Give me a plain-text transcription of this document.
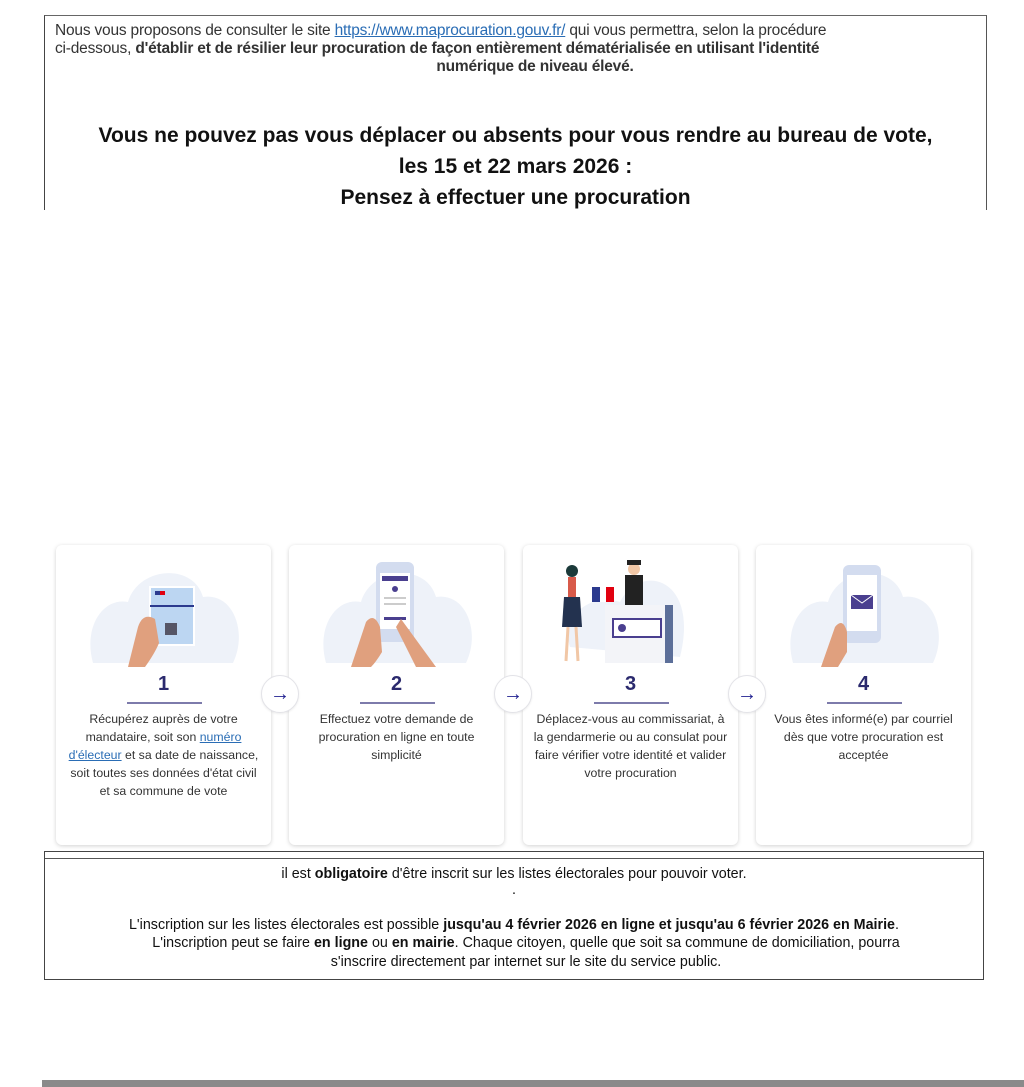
Nous vous proposons de consulter le site https://www.maprocuration.gouv.fr/ qui vous permettra, selon la procédure
ci-dessous, d'établir et de résilier leur procuration de façon entièrement dématérialisée en utilisant l'identité
numérique de niveau élevé.
Vous ne pouvez pas vous déplacer ou absents pour vous rendre au bureau de vote,
les 15 et 22 mars 2026 :
Pensez à effectuer une procuration
1
Récupérez auprès de votre mandataire, soit son numéro d'électeur et sa date de naissance, soit toutes ses données d'état civil et sa commune de vote
2
Effectuez votre demande de procuration en ligne en toute simplicité
3
Déplacez-vous au commissariat, à la gendarmerie ou au consulat pour faire vérifier votre identité et valider votre procuration
4
Vous êtes informé(e) par courriel dès que votre procuration est acceptée
→	→	→
il est obligatoire d'être inscrit sur les listes électorales pour pouvoir voter.
.
L'inscription sur les listes électorales est possible jusqu'au 4 février 2026 en ligne et jusqu'au 6 février 2026 en Mairie.
L'inscription peut se faire en ligne ou en mairie. Chaque citoyen, quelle que soit sa commune de domiciliation, pourra
s'inscrire directement par internet sur le site du service public.
